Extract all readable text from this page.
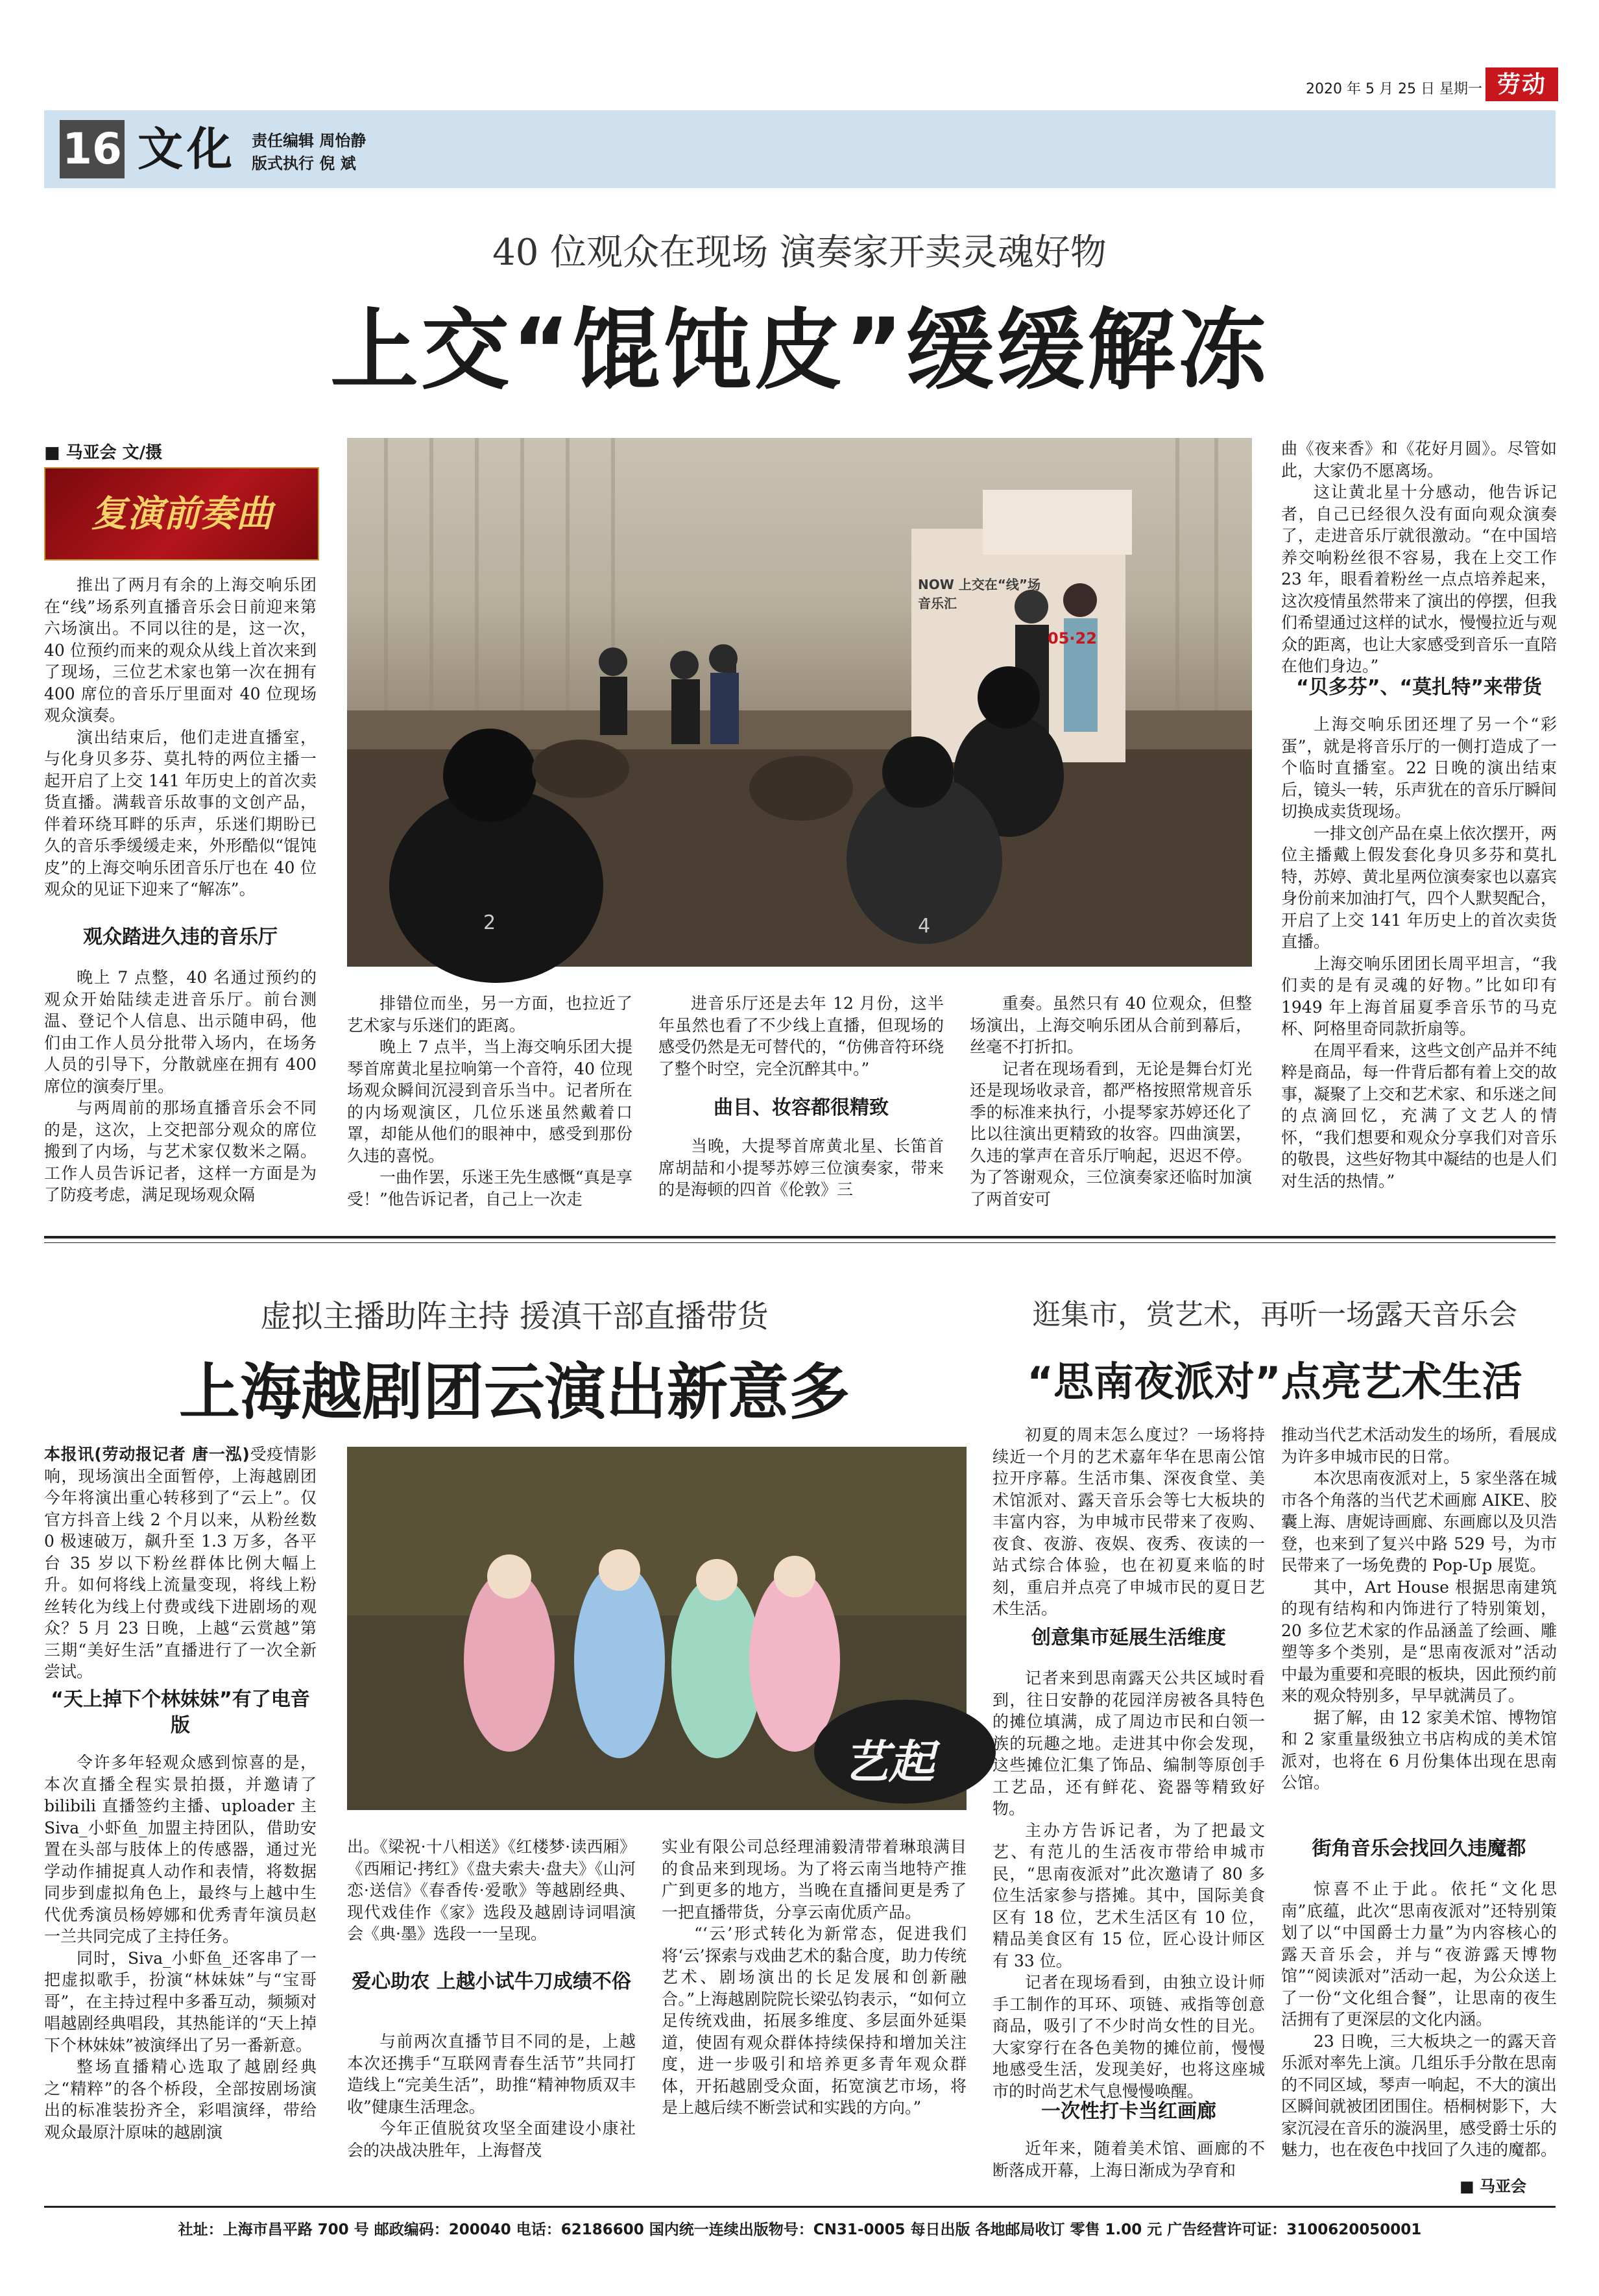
2020 年 5 月 25 日 星期一 劳动
16 文化 责任编辑 周怡静
版式执行 倪 斌
40 位观众在现场 演奏家开卖灵魂好物
上交“馄饨皮”缓缓解冻
■ 马亚会 文/摄
复演前奏曲

推出了两月有余的上海交响乐团在“线”场系列直播音乐会日前迎来第六场演出。不同以往的是，这一次，40 位预约而来的观众从线上首次来到了现场，三位艺术家也第一次在拥有 400 席位的音乐厅里面对 40 位现场观众演奏。

演出结束后，他们走进直播室，与化身贝多芬、莫扎特的两位主播一起开启了上交 141 年历史上的首次卖货直播。满载音乐故事的文创产品，伴着环绕耳畔的乐声，乐迷们期盼已久的音乐季缓缓走来，外形酷似“馄饨皮”的上海交响乐团音乐厅也在 40 位观众的见证下迎来了“解冻”。

观众踏进久违的音乐厅

晚上 7 点整，40 名通过预约的观众开始陆续走进音乐厅。前台测温、登记个人信息、出示随申码，他们由工作人员分批带入场内，在场务人员的引导下，分散就座在拥有 400 席位的演奏厅里。

与两周前的那场直播音乐会不同的是，这次，上交把部分观众的席位搬到了内场，与艺术家仅数米之隔。工作人员告诉记者，这样一方面是为了防疫考虑，满足现场观众隔

NOW 上交在“线”场音乐汇
05·22
2	4

排错位而坐，另一方面，也拉近了艺术家与乐迷们的距离。

晚上 7 点半，当上海交响乐团大提琴首席黄北星拉响第一个音符，40 位现场观众瞬间沉浸到音乐当中。记者所在的内场观演区，几位乐迷虽然戴着口罩，却能从他们的眼神中，感受到那份久违的喜悦。

一曲作罢，乐迷王先生感慨“真是享受！”他告诉记者，自己上一次走

进音乐厅还是去年 12 月份，这半年虽然也看了不少线上直播，但现场的感受仍然是无可替代的，“仿佛音符环绕了整个时空，完全沉醉其中。”

曲目、妆容都很精致

当晚，大提琴首席黄北星、长笛首席胡喆和小提琴苏婷三位演奏家，带来的是海顿的四首《伦敦》三

重奏。虽然只有 40 位观众，但整场演出，上海交响乐团从合前到幕后，丝毫不打折扣。

记者在现场看到，无论是舞台灯光还是现场收录音，都严格按照常规音乐季的标准来执行，小提琴家苏婷还化了比以往演出更精致的妆容。四曲演罢，久违的掌声在音乐厅响起，迟迟不停。为了答谢观众，三位演奏家还临时加演了两首安可

曲《夜来香》和《花好月圆》。尽管如此，大家仍不愿离场。

这让黄北星十分感动，他告诉记者，自己已经很久没有面向观众演奏了，走进音乐厅就很激动。“在中国培养交响粉丝很不容易，我在上交工作 23 年，眼看着粉丝一点点培养起来，这次疫情虽然带来了演出的停摆，但我们希望通过这样的试水，慢慢拉近与观众的距离，也让大家感受到音乐一直陪在他们身边。”

“贝多芬”、“莫扎特”来带货

上海交响乐团还埋了另一个“彩蛋”，就是将音乐厅的一侧打造成了一个临时直播室。22 日晚的演出结束后，镜头一转，乐声犹在的音乐厅瞬间切换成卖货现场。

一排文创产品在桌上依次摆开，两位主播戴上假发套化身贝多芬和莫扎特，苏婷、黄北星两位演奏家也以嘉宾身份前来加油打气，四个人默契配合，开启了上交 141 年历史上的首次卖货直播。

上海交响乐团团长周平坦言，“我们卖的是有灵魂的好物。”比如印有 1949 年上海首届夏季音乐节的马克杯、阿格里奇同款折扇等。

在周平看来，这些文创产品并不纯粹是商品，每一件背后都有着上交的故事，凝聚了上交和艺术家、和乐迷之间的点滴回忆，充满了文艺人的情怀，“我们想要和观众分享我们对音乐的敬畏，这些好物其中凝结的也是人们对生活的热情。”

虚拟主播助阵主持 援滇干部直播带货
上海越剧团云演出新意多

本报讯(劳动报记者 唐一泓)受疫情影响，现场演出全面暂停，上海越剧团今年将演出重心转移到了“云上”。仅官方抖音上线 2 个月以来，从粉丝数 0 极速破万，飙升至 1.3 万多，各平台 35 岁以下粉丝群体比例大幅上升。如何将线上流量变现，将线上粉丝转化为线上付费或线下进剧场的观众？5 月 23 日晚，上越“云赏越”第三期“美好生活”直播进行了一次全新尝试。

“天上掉下个林妹妹”有了电音版

令许多年轻观众感到惊喜的是，本次直播全程实景拍摄，并邀请了 bilibili 直播签约主播、uploader 主 Siva_小虾鱼_加盟主持团队，借助安置在头部与肢体上的传感器，通过光学动作捕捉真人动作和表情，将数据同步到虚拟角色上，最终与上越中生代优秀演员杨婷娜和优秀青年演员赵一兰共同完成了主持任务。

同时，Siva_小虾鱼_还客串了一把虚拟歌手，扮演“林妹妹”与“宝哥哥”，在主持过程中多番互动，频频对唱越剧经典唱段，其热能详的“天上掉下个林妹妹”被演绎出了另一番新意。

整场直播精心选取了越剧经典之“精粹”的各个桥段，全部按剧场演出的标准装扮齐全，彩唱演绎，带给观众最原汁原味的越剧演

艺起

出。《梁祝·十八相送》《红楼梦·读西厢》《西厢记·拷红》《盘夫索夫·盘夫》《山河恋·送信》《春香传·爱歌》等越剧经典、现代戏佳作《家》选段及越剧诗词唱演会《典·墨》选段一一呈现。

爱心助农 上越小试牛刀成绩不俗

与前两次直播节目不同的是，上越本次还携手“互联网青春生活节”共同打造线上“完美生活”，助推“精神物质双丰收”健康生活理念。

今年正值脱贫攻坚全面建设小康社会的决战决胜年，上海督茂

实业有限公司总经理浦毅清带着琳琅满目的食品来到现场。为了将云南当地特产推广到更多的地方，当晚在直播间更是秀了一把直播带货，分享云南优质产品。

“‘云’形式转化为新常态，促进我们将‘云’探索与戏曲艺术的黏合度，助力传统艺术、剧场演出的长足发展和创新融合。”上海越剧院院长梁弘钧表示，“如何立足传统戏曲，拓展多维度、多层面外延渠道，使固有观众群体持续保持和增加关注度，进一步吸引和培养更多青年观众群体，开拓越剧受众面，拓宽演艺市场，将是上越后续不断尝试和实践的方向。”

逛集市，赏艺术，再听一场露天音乐会
“思南夜派对”点亮艺术生活

初夏的周末怎么度过？一场将持续近一个月的艺术嘉年华在思南公馆拉开序幕。生活市集、深夜食堂、美术馆派对、露天音乐会等七大板块的丰富内容，为申城市民带来了夜购、夜食、夜游、夜娱、夜秀、夜读的一站式综合体验，也在初夏来临的时刻，重启并点亮了申城市民的夏日艺术生活。

创意集市延展生活维度

记者来到思南露天公共区域时看到，往日安静的花园洋房被各具特色的摊位填满，成了周边市民和白领一族的玩趣之地。走进其中你会发现，这些摊位汇集了饰品、编制等原创手工艺品，还有鲜花、瓷器等精致好物。

主办方告诉记者，为了把最文艺、有范儿的生活夜市带给申城市民，“思南夜派对”此次邀请了 80 多位生活家参与搭摊。其中，国际美食区有 18 位，艺术生活区有 10 位，精品美食区有 15 位，匠心设计师区有 33 位。

记者在现场看到，由独立设计师手工制作的耳环、项链、戒指等创意商品，吸引了不少时尚女性的目光。大家穿行在各色美物的摊位前，慢慢地感受生活，发现美好，也将这座城市的时尚艺术气息慢慢唤醒。

一次性打卡当红画廊

近年来，随着美术馆、画廊的不断落成开幕，上海日渐成为孕育和

推动当代艺术活动发生的场所，看展成为许多申城市民的日常。

本次思南夜派对上，5 家坐落在城市各个角落的当代艺术画廊 AIKE、胶囊上海、唐妮诗画廊、东画廊以及贝浩登，也来到了复兴中路 529 号，为市民带来了一场免费的 Pop-Up 展览。

其中，Art House 根据思南建筑的现有结构和内饰进行了特别策划，20 多位艺术家的作品涵盖了绘画、雕塑等多个类别，是“思南夜派对”活动中最为重要和亮眼的板块，因此预约前来的观众特别多，早早就满员了。

据了解，由 12 家美术馆、博物馆和 2 家重量级独立书店构成的美术馆派对，也将在 6 月份集体出现在思南公馆。

街角音乐会找回久违魔都

惊喜不止于此。依托“文化思南”底蕴，此次“思南夜派对”还特别策划了以“中国爵士力量”为内容核心的露天音乐会，并与“夜游露天博物馆”“阅读派对”活动一起，为公众送上了一份“文化组合餐”，让思南的夜生活拥有了更深层的文化内涵。

23 日晚，三大板块之一的露天音乐派对率先上演。几组乐手分散在思南的不同区域，琴声一响起，不大的演出区瞬间就被团团围住。梧桐树影下，大家沉浸在音乐的漩涡里，感受爵士乐的魅力，也在夜色中找回了久违的魔都。

■ 马亚会
社址：上海市昌平路 700 号 邮政编码：200040 电话：62186600 国内统一连续出版物号：CN31-0005 每日出版 各地邮局收订 零售 1.00 元 广告经营许可证：3100620050001
